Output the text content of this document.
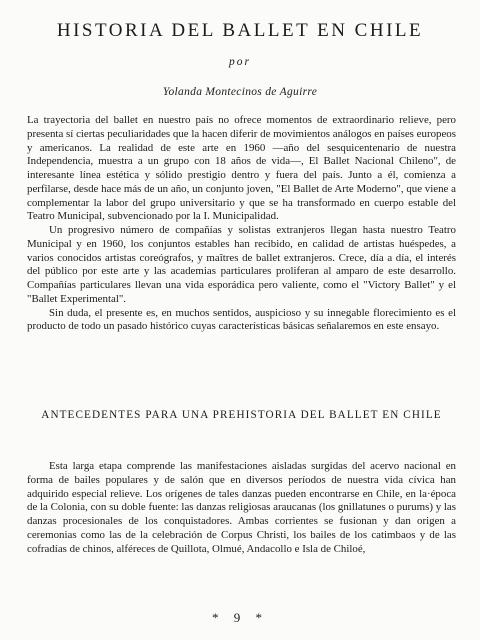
HISTORIA DEL BALLET EN CHILE
por
Yolanda Montecinos de Aguirre

La trayectoria del ballet en nuestro país no ofrece momentos de extraordinario relieve, pero presenta sí ciertas peculiaridades que la hacen diferir de movimientos análogos en países europeos y americanos. La realidad de este arte en 1960 —año del sesquicentenario de nuestra Independencia, muestra a un grupo con 18 años de vida—, El Ballet Nacional Chileno", de interesante línea estética y sólido prestigio dentro y fuera del país. Junto a él, comienza a perfilarse, desde hace más de un año, un conjunto joven, "El Ballet de Arte Moderno", que viene a complementar la labor del grupo universitario y que se ha transformado en cuerpo estable del Teatro Municipal, subvencionado por la I. Municipalidad.

Un progresivo número de compañías y solistas extranjeros llegan hasta nuestro Teatro Municipal y en 1960, los conjuntos estables han recibido, en calidad de artistas huéspedes, a varios conocidos artistas coreógrafos, y maîtres de ballet extranjeros. Crece, día a día, el interés del público por este arte y las academias particulares proliferan al amparo de este desarrollo. Compañías particulares llevan una vida esporádica pero valiente, como el "Victory Ballet" y el "Ballet Experimental".

Sin duda, el presente es, en muchos sentidos, auspicioso y su innegable florecimiento es el producto de todo un pasado histórico cuyas características básicas señalaremos en este ensayo.

ANTECEDENTES PARA UNA PREHISTORIA DEL BALLET EN CHILE

Esta larga etapa comprende las manifestaciones aisladas surgidas del acervo nacional en forma de bailes populares y de salón que en diversos períodos de nuestra vida cívica han adquirido especial relieve. Los orígenes de tales danzas pueden encontrarse en Chile, en la·época de la Colonia, con su doble fuente: las danzas religiosas araucanas (los gnillatunes o purums) y las danzas procesionales de los conquistadores. Ambas corrientes se fusionan y dan origen a ceremonias como las de la celebración de Corpus Christi, los bailes de los catimbaos y de las cofradías de chinos, alféreces de Quillota, Olmué, Andacollo e Isla de Chiloé,

* 9 *
